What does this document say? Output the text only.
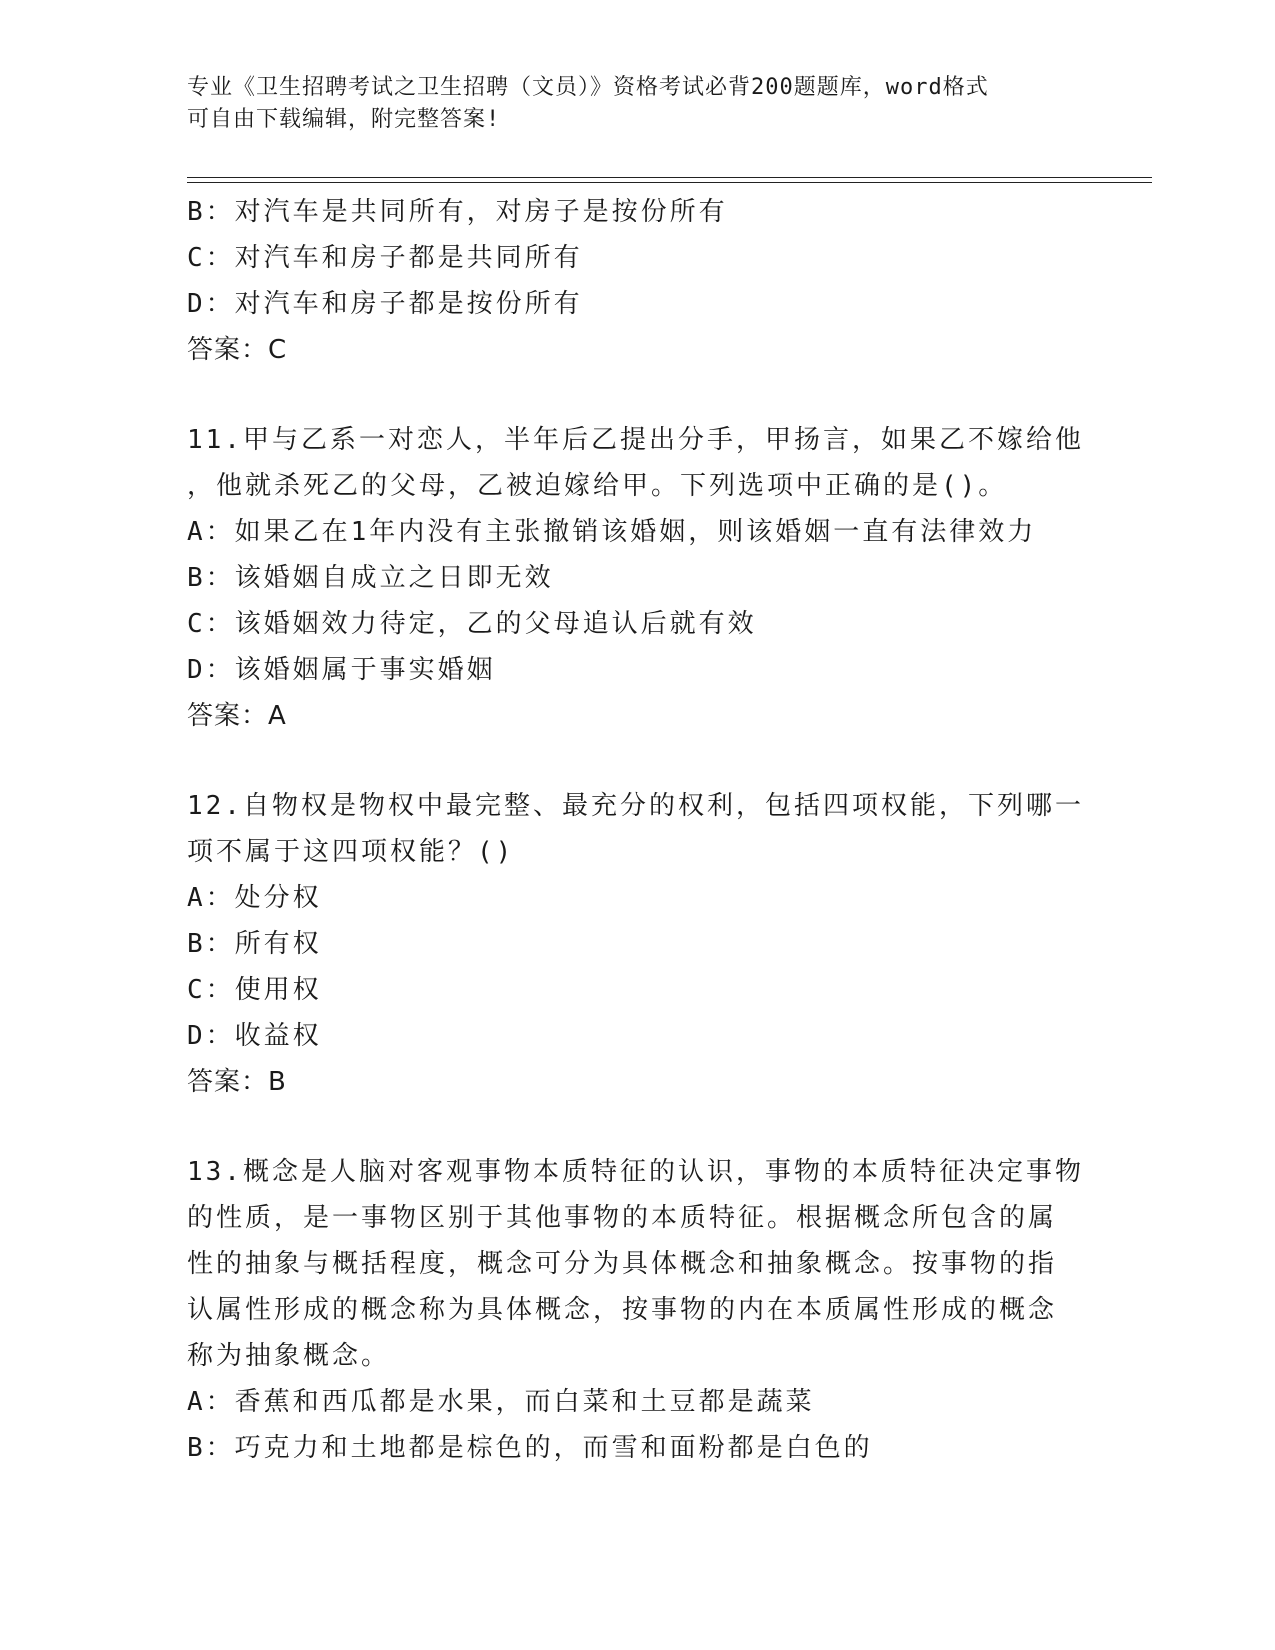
专业《卫生招聘考试之卫生招聘（文员）》资格考试必背200题题库，word格式
可自由下载编辑，附完整答案!
B：对汽车是共同所有，对房子是按份所有
C：对汽车和房子都是共同所有
D：对汽车和房子都是按份所有
答案：C
11.甲与乙系一对恋人，半年后乙提出分手，甲扬言，如果乙不嫁给他
，他就杀死乙的父母，乙被迫嫁给甲。下列选项中正确的是()。
A：如果乙在1年内没有主张撤销该婚姻，则该婚姻一直有法律效力
B：该婚姻自成立之日即无效
C：该婚姻效力待定，乙的父母追认后就有效
D：该婚姻属于事实婚姻
答案：A
12.自物权是物权中最完整、最充分的权利，包括四项权能，下列哪一
项不属于这四项权能？()
A：处分权
B：所有权
C：使用权
D：收益权
答案：B
13.概念是人脑对客观事物本质特征的认识，事物的本质特征决定事物
的性质，是一事物区别于其他事物的本质特征。根据概念所包含的属
性的抽象与概括程度，概念可分为具体概念和抽象概念。按事物的指
认属性形成的概念称为具体概念，按事物的内在本质属性形成的概念
称为抽象概念。
A：香蕉和西瓜都是水果，而白菜和土豆都是蔬菜
B：巧克力和土地都是棕色的，而雪和面粉都是白色的
